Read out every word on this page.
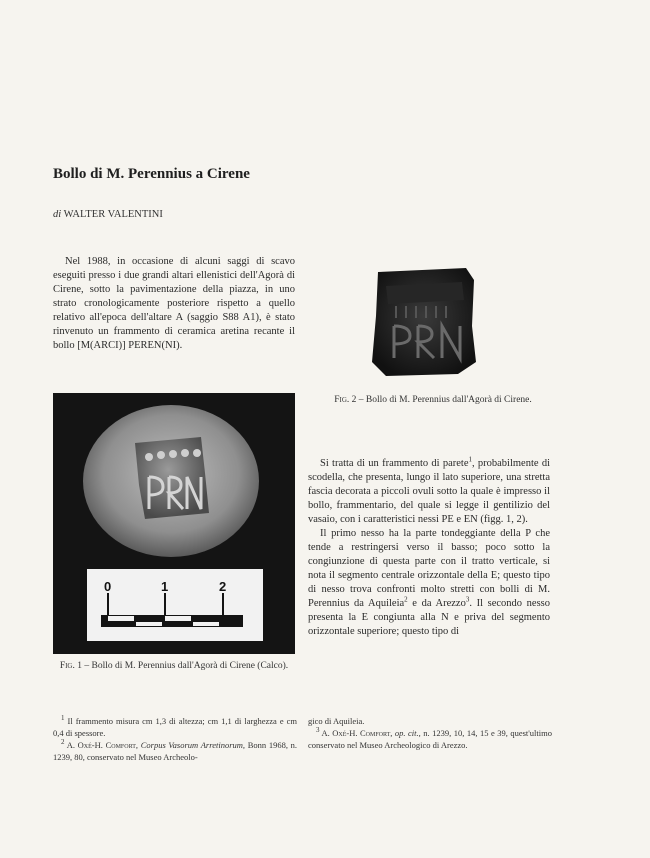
Bollo di M. Perennius a Cirene
di WALTER VALENTINI

Nel 1988, in occasione di alcuni saggi di scavo eseguiti presso i due grandi altari ellenistici dell'Agorà di Cirene, sotto la pavimentazione della piazza, in uno strato cronologicamente posteriore rispetto a quello relativo all'epoca dell'altare A (saggio S88 A1), è stato rinvenuto un frammento di ceramica aretina recante il bollo [M(ARCI)] PEREN(NI).

Fig. 2 – Bollo di M. Perennius dall'Agorà di Cirene.
0	1	2
Fig. 1 – Bollo di M. Perennius dall'Agorà di Cirene (Calco).

Si tratta di un frammento di parete$^1$, probabilmente di scodella, che presenta, lungo il lato superiore, una stretta fascia decorata a piccoli ovuli sotto la quale è impresso il bollo, frammentario, del quale si legge il gentilizio del vasaio, con i caratteristici nessi PE e EN (figg. 1, 2).

Il primo nesso ha la parte tondeggiante della P che tende a restringersi verso il basso; poco sotto la congiunzione di questa parte con il tratto verticale, si nota il segmento centrale orizzontale della E; questo tipo di nesso trova confronti molto stretti con bolli di M. Perennius da Aquileia$^2$ e da Arezzo$^3$. Il secondo nesso presenta la E congiunta alla N e priva del segmento orizzontale superiore; questo tipo di

$^1$ Il frammento misura cm 1,3 di altezza; cm 1,1 di larghezza e cm 0,4 di spessore.

$^2$ A. Oxé-H. Comfort, Corpus Vasorum Arretinorum, Bonn 1968, n. 1239, 80, conservato nel Museo Archeolo-

gico di Aquileia.

$^3$ A. Oxé-H. Comfort, op. cit., n. 1239, 10, 14, 15 e 39, quest'ultimo conservato nel Museo Archeologico di Arezzo.
